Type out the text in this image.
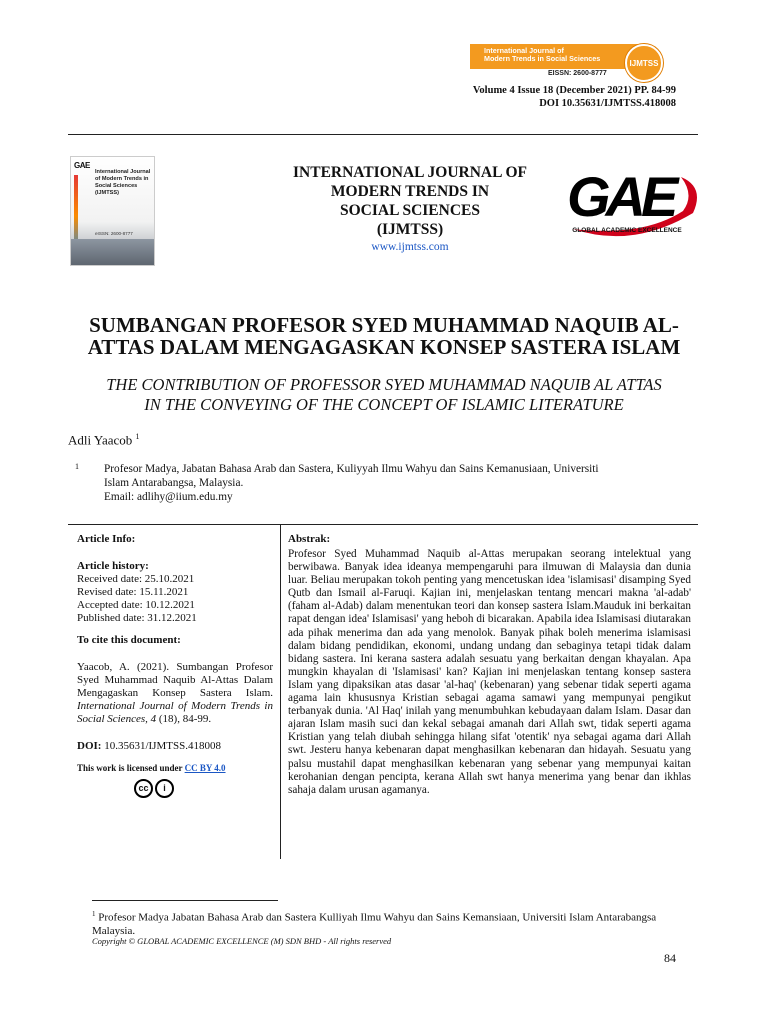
International Journal of
Modern Trends in Social Sciences
EISSN: 2600-8777
IJMTSS
Volume 4 Issue 18 (December 2021) PP. 84-99
DOI 10.35631/IJMTSS.418008
GAE
International Journal of Modern Trends in Social Sciences (IJMTSS)
eISSN: 2600-8777
INTERNATIONAL JOURNAL OF
MODERN TRENDS IN
SOCIAL SCIENCES
(IJMTSS)
www.ijmtss.com
GAE
GLOBAL ACADEMIC EXCELLENCE
SUMBANGAN PROFESOR SYED MUHAMMAD NAQUIB AL-
ATTAS DALAM MENGAGASKAN KONSEP SASTERA ISLAM
THE CONTRIBUTION OF PROFESSOR SYED MUHAMMAD NAQUIB AL ATTAS
IN THE CONVEYING OF THE CONCEPT OF ISLAMIC LITERATURE
Adli Yaacob $^1$
1 Profesor Madya, Jabatan Bahasa Arab dan Sastera, Kuliyyah Ilmu Wahyu dan Sains Kemanusiaan, Universiti
Islam Antarabangsa, Malaysia.
Email: adlihy@iium.edu.my

Article Info:

Article history:

Received date: 25.10.2021

Revised date: 15.11.2021

Accepted date: 10.12.2021

Published date: 31.12.2021

To cite this document:

Yaacob, A. (2021). Sumbangan Profesor Syed Muhammad Naquib Al-Attas Dalam Mengagaskan Konsep Sastera Islam. International Journal of Modern Trends in Social Sciences, 4 (18), 84-99.

DOI: 10.35631/IJMTSS.418008

This work is licensed under CC BY 4.0

cc	i
Abstrak:
Profesor Syed Muhammad Naquib al-Attas merupakan seorang intelektual yang berwibawa. Banyak idea ideanya mempengaruhi para ilmuwan di Malaysia dan dunia luar. Beliau merupakan tokoh penting yang mencetuskan idea 'islamisasi' disamping Syed Qutb dan Ismail al-Faruqi. Kajian ini, menjelaskan tentang mencari makna 'al-adab' (faham al-Adab) dalam menentukan teori dan konsep sastera Islam.Mauduk ini berkaitan rapat dengan idea' Islamisasi' yang heboh di bicarakan. Apabila idea Islamisasi diutarakan ada pihak menerima dan ada yang menolok. Banyak pihak boleh menerima islamisasi dalam bidang pendidikan, ekonomi, undang undang dan sebaginya tetapi tidak dalam bidang sastera. Ini kerana sastera adalah sesuatu yang berkaitan dengan khayalan. Apa mungkin khayalan di 'Islamisasi' kan? Kajian ini menjelaskan tentang konsep sastera Islam yang dipaksikan atas dasar 'al-haq' (kebenaran) yang sebenar tidak seperti agama agama lain khususnya Kristian sebagai agama samawi yang mempunyai pengikut terbanyak dunia. 'Al Haq' inilah yang menumbuhkan kebudayaan dalam Islam. Dasar dan ajaran Islam masih suci dan kekal sebagai amanah dari Allah swt, tidak seperti agama Kristian yang telah diubah sehingga hilang sifat 'otentik' nya sebagai agama dari Allah swt. Jesteru hanya kebenaran dapat menghasilkan kebenaran dan hidayah. Sesuatu yang palsu mustahil dapat menghasilkan kebenaran yang sebenar yang mempunyai kaitan kerohanian dengan pencipta, kerana Allah swt hanya menerima yang benar dan ikhlas sahaja dalam urusan agamanya.
$^1$ Profesor Madya Jabatan Bahasa Arab dan Sastera Kulliyah Ilmu Wahyu dan Sains Kemansiaan, Universiti Islam Antarabangsa Malaysia.
Copyright © GLOBAL ACADEMIC EXCELLENCE (M) SDN BHD - All rights reserved
84
